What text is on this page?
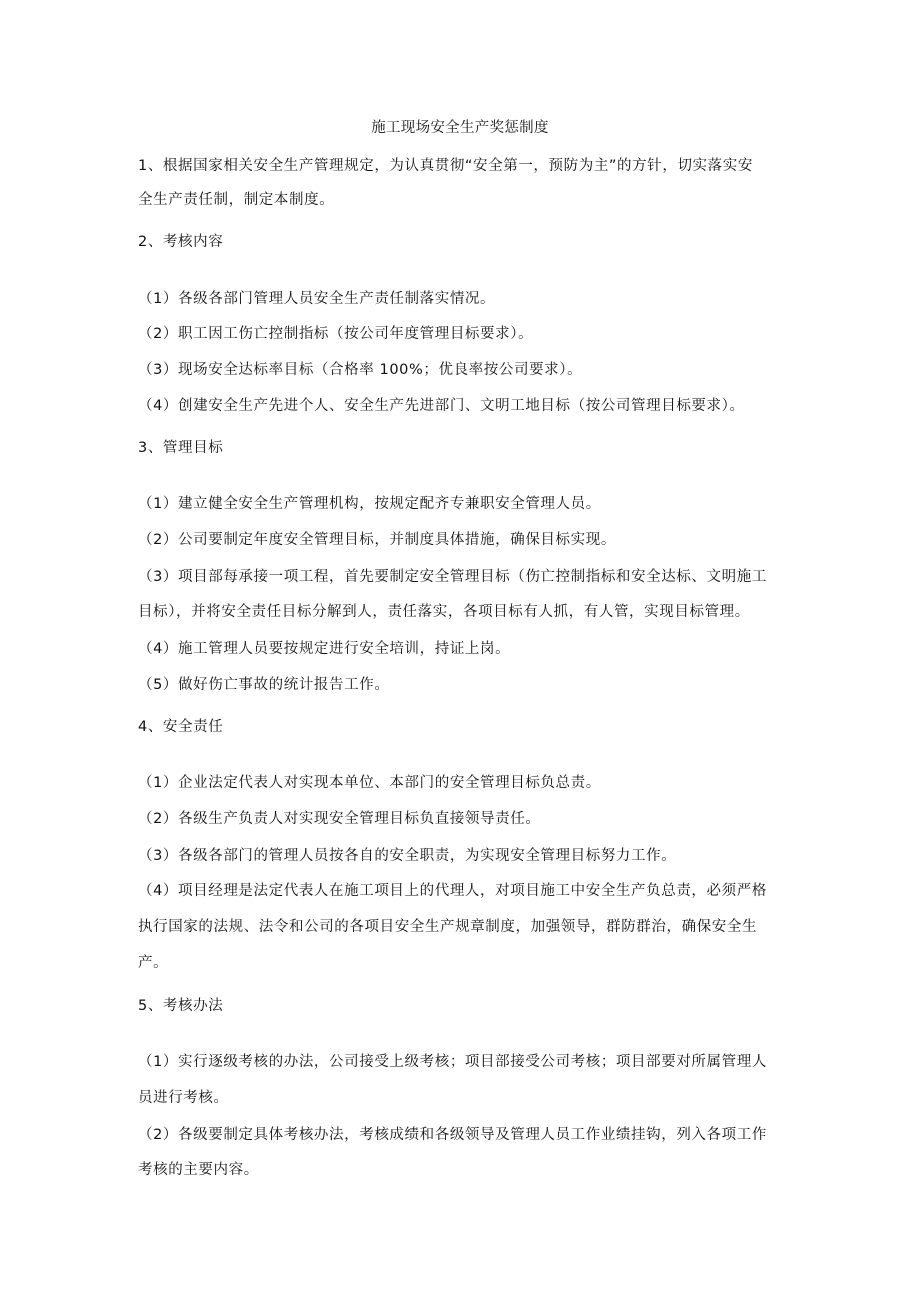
施工现场安全生产奖惩制度
1、根据国家相关安全生产管理规定，为认真贯彻“安全第一，预防为主”的方针，切实落实安
全生产责任制，制定本制度。
2、考核内容
（1）各级各部门管理人员安全生产责任制落实情况。
（2）职工因工伤亡控制指标（按公司年度管理目标要求）。
（3）现场安全达标率目标（合格率 100%；优良率按公司要求）。
（4）创建安全生产先进个人、安全生产先进部门、文明工地目标（按公司管理目标要求）。
3、管理目标
（1）建立健全安全生产管理机构，按规定配齐专兼职安全管理人员。
（2）公司要制定年度安全管理目标，并制度具体措施，确保目标实现。
（3）项目部每承接一项工程，首先要制定安全管理目标（伤亡控制指标和安全达标、文明施工
目标），并将安全责任目标分解到人，责任落实，各项目标有人抓，有人管，实现目标管理。
（4）施工管理人员要按规定进行安全培训，持证上岗。
（5）做好伤亡事故的统计报告工作。
4、安全责任
（1）企业法定代表人对实现本单位、本部门的安全管理目标负总责。
（2）各级生产负责人对实现安全管理目标负直接领导责任。
（3）各级各部门的管理人员按各自的安全职责，为实现安全管理目标努力工作。
（4）项目经理是法定代表人在施工项目上的代理人，对项目施工中安全生产负总责，必须严格
执行国家的法规、法令和公司的各项目安全生产规章制度，加强领导，群防群治，确保安全生
产。
5、考核办法
（1）实行逐级考核的办法，公司接受上级考核；项目部接受公司考核；项目部要对所属管理人
员进行考核。
（2）各级要制定具体考核办法，考核成绩和各级领导及管理人员工作业绩挂钩，列入各项工作
考核的主要内容。
